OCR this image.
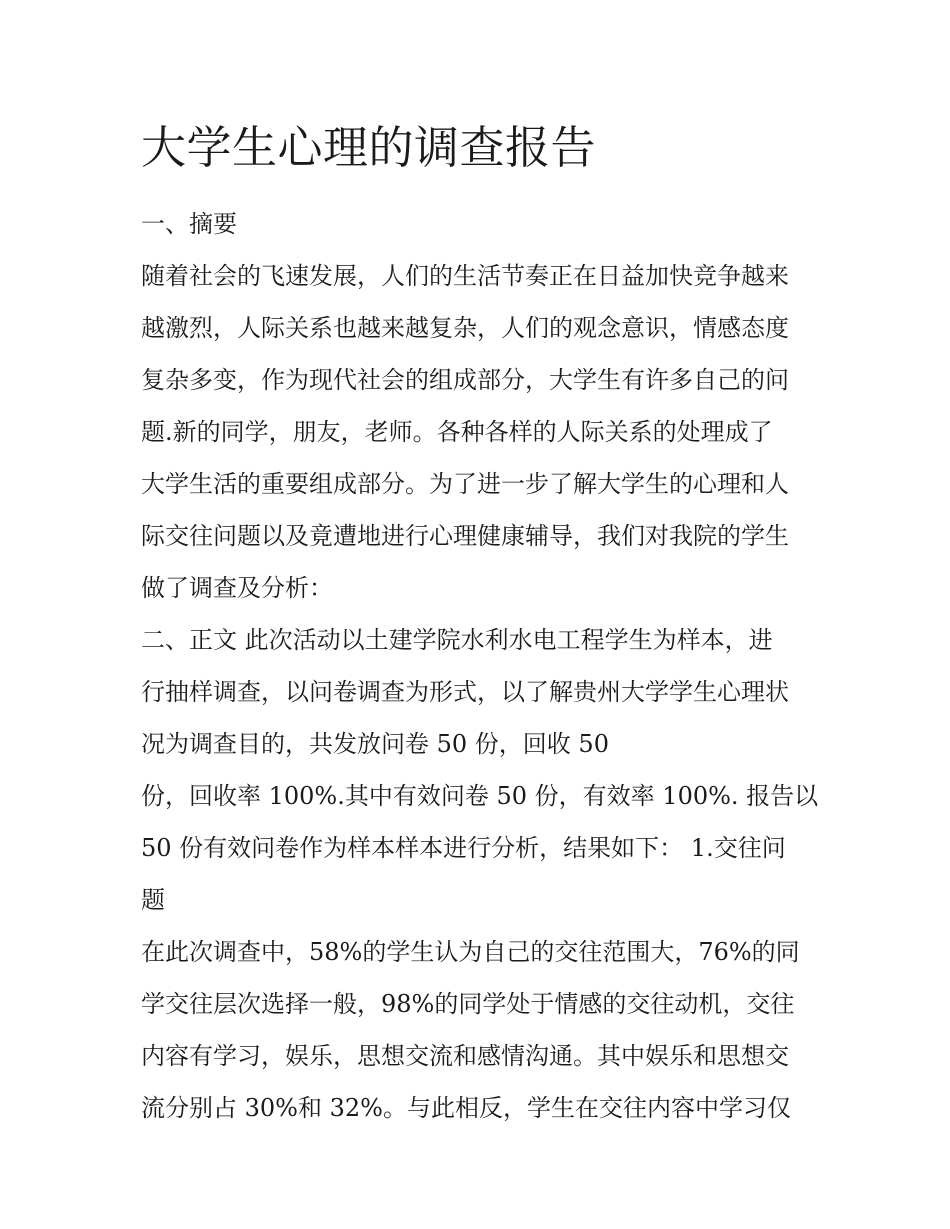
大学生心理的调查报告
一、摘要
随着社会的飞速发展，人们的生活节奏正在日益加快竞争越来
越激烈，人际关系也越来越复杂，人们的观念意识，情感态度
复杂多变，作为现代社会的组成部分，大学生有许多自己的问
题.新的同学，朋友，老师。各种各样的人际关系的处理成了
大学生活的重要组成部分。为了进一步了解大学生的心理和人
际交往问题以及竟遭地进行心理健康辅导，我们对我院的学生
做了调查及分析：
二、正文 此次活动以土建学院水利水电工程学生为样本，进
行抽样调查，以问卷调查为形式，以了解贵州大学学生心理状
况为调查目的，共发放问卷 50 份，回收 50
份，回收率 100%.其中有效问卷 50 份，有效率 100%. 报告以
50 份有效问卷作为样本样本进行分析，结果如下： 1.交往问
题
在此次调查中，58%的学生认为自己的交往范围大，76%的同
学交往层次选择一般，98%的同学处于情感的交往动机，交往
内容有学习，娱乐，思想交流和感情沟通。其中娱乐和思想交
流分别占 30%和 32%。与此相反，学生在交往内容中学习仅
